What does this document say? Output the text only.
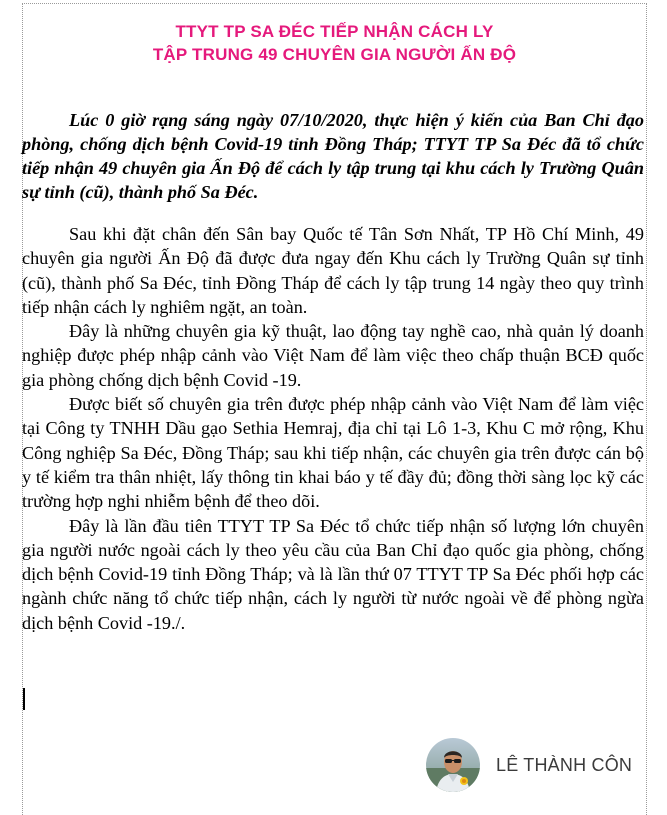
TTYT TP SA ĐÉC TIẾP NHẬN CÁCH LY
TẬP TRUNG 49 CHUYÊN GIA NGƯỜI ẤN ĐỘ

Lúc 0 giờ rạng sáng ngày 07/10/2020, thực hiện ý kiến của Ban Chỉ đạo phòng, chống dịch bệnh Covid-19 tỉnh Đồng Tháp; TTYT TP Sa Đéc đã tổ chức tiếp nhận 49 chuyên gia Ấn Độ để cách ly tập trung tại khu cách ly Trường Quân sự tỉnh (cũ), thành phố Sa Đéc.

Sau khi đặt chân đến Sân bay Quốc tế Tân Sơn Nhất, TP Hồ Chí Minh, 49 chuyên gia người Ấn Độ đã được đưa ngay đến Khu cách ly Trường Quân sự tỉnh (cũ), thành phố Sa Đéc, tỉnh Đồng Tháp để cách ly tập trung 14 ngày theo quy trình tiếp nhận cách ly nghiêm ngặt, an toàn.

Đây là những chuyên gia kỹ thuật, lao động tay nghề cao, nhà quản lý doanh nghiệp được phép nhập cảnh vào Việt Nam để làm việc theo chấp thuận BCĐ quốc gia phòng chống dịch bệnh Covid -19.

Được biết số chuyên gia trên được phép nhập cảnh vào Việt Nam để làm việc tại Công ty TNHH Dầu gạo Sethia Hemraj, địa chỉ tại Lô 1-3, Khu C mở rộng, Khu Công nghiệp Sa Đéc, Đồng Tháp; sau khi tiếp nhận, các chuyên gia trên được cán bộ y tế kiểm tra thân nhiệt, lấy thông tin khai báo y tế đầy đủ; đồng thời sàng lọc kỹ các trường hợp nghi nhiễm bệnh để theo dõi.

Đây là lần đầu tiên TTYT TP Sa Đéc tổ chức tiếp nhận số lượng lớn chuyên gia người nước ngoài cách ly theo yêu cầu của Ban Chỉ đạo quốc gia phòng, chống dịch bệnh Covid-19 tỉnh Đồng Tháp; và là lần thứ 07 TTYT TP Sa Đéc phối hợp các ngành chức năng tổ chức tiếp nhận, cách ly người từ nước ngoài về để phòng ngừa dịch bệnh Covid -19./.

LÊ THÀNH CÔN
